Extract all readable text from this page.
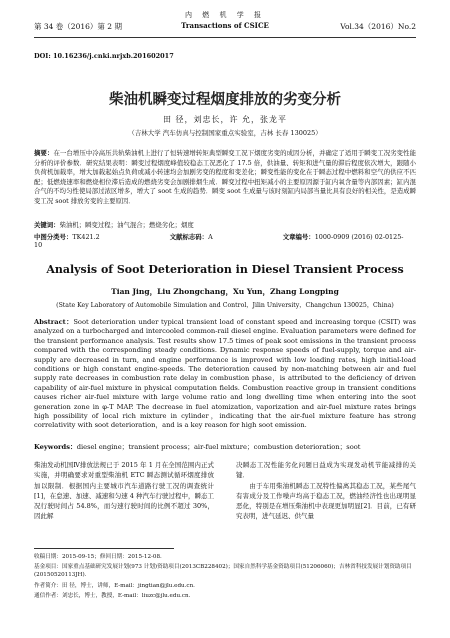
第 34 卷（2016）第 2 期
内 燃 机 学 报
Transactions of CSICE	Vol.34（2016）No.2
DOI: 10.16236/j.cnki.nrjxb.201602017
柴油机瞬变过程烟度排放的劣变分析
田 径，刘忠长，许 允，张龙平
（吉林大学 汽车仿真与控制国家重点实验室，吉林 长春 130025）
摘要：在一台增压中冷高压共轨柴油机上进行了恒转速增转矩典型瞬变工况下烟度劣变的成因分析，并确定了适用于瞬变工况劣变性能分析的评价参数．研究结果表明：瞬变过程烟度峰值较稳态工况恶化了 17.5 倍，供油量、转矩和进气量的滞后程度依次增大，跟随小负荷机加载率，增大加载起始点负荷或减小转速均会加剧劣变的程度和变差化；瞬变性能的变化在于瞬态过程中燃料和空气的供应不匹配；低燃烧速率和燃烧相位滞后造成的燃烧劣变会加剧排烟生成．瞬变过程中扭矩减小的主要原因源于缸内氧含量等内部因素；缸内混合气的不均匀性使局部过浓区增多，增大了 soot 生成的趋势．瞬变 soot 生成量与该时刻缸内局部当量比具有良好的相关性，是造成瞬变工况 soot 排放劣变的主要原因．
关键词：柴油机；瞬变过程；油气混合；燃烧劣化；烟度
中图分类号：TK421.2	文献标志码：A	文章编号：1000-0909 (2016) 02-0125-10
Analysis of Soot Deterioration in Diesel Transient Process
Tian Jing，Liu Zhongchang，Xu Yun，Zhang Longping
(State Key Laboratory of Automobile Simulation and Control，Jilin University，Changchun 130025，China)
Abstract：Soot deterioration under typical transient load of constant speed and increasing torque (CSIT) was analyzed on a turbocharged and intercooled common-rail diesel engine. Evaluation parameters were defined for the transient performance analysis. Test results show 17.5 times of peak soot emissions in the transient process compared with the corresponding steady conditions. Dynamic response speeds of fuel-supply, torque and air-supply are decreased in turn, and engine performance is improved with low loading rates, high initial-load conditions or high constant engine-speeds. The deterioration caused by non-matching between air and fuel supply rate decreases in combustion rate delay in combustion phase，is attributed to the deficiency of driven capability of air-fuel mixture in physical computation fields. Combustion reactive group in transient conditions causes richer air-fuel mixture with large volume ratio and long dwelling time when entering into the soot generation zone in φ-T MAP. The decrease in fuel atomization, vaporization and air-fuel mixture rates brings high possibility of local rich mixture in cylinder，indicating that the air-fuel mixture feature has strong correlativity with soot deterioration，and is a key reason for high soot emission.
Keywords：diesel engine；transient process；air-fuel mixture；combustion deterioration；soot
柴油发动机国Ⅳ排放法规已于 2015 年 1 月在全国范围内正式实施，并明确要求对重型柴油机 ETC 瞬态测试循环烟度排放加以限制．根据国内主要城市汽车道路行驶工况的调查统计[1]，在怠速、加速、减速和匀速 4 种汽车行驶过程中，瞬态工况行驶时间占 54.8%，而匀速行驶时间的比例不超过 30%，因此解
决瞬态工况性能劣化问题日益成为实现发动机节能减排的关键．
　　由于车用柴油机瞬态工况特性偏离其稳态工况，某些尾气有害成分及工作噪声均高于稳态工况，燃油经济性也出现明显恶化，特别是在增压柴油机中表现更加明显[2]．目前，已有研究表明，进气延迟、供气量
收稿日期：2015-09-15；修回日期：2015-12-08.
基金项目：国家重点基础研究发展计划(973 计划)资助项目(2013CB228402)；国家自然科学基金资助项目(51206060)；吉林省科技发展计划资助项目(20150520113JH)．
作者简介：田 径，博士，讲师，E-mail：jingtian@jlu.edu.cn.
通信作者：刘忠长，博士，教授，E-mail：liuzc@jlu.edu.cn.
